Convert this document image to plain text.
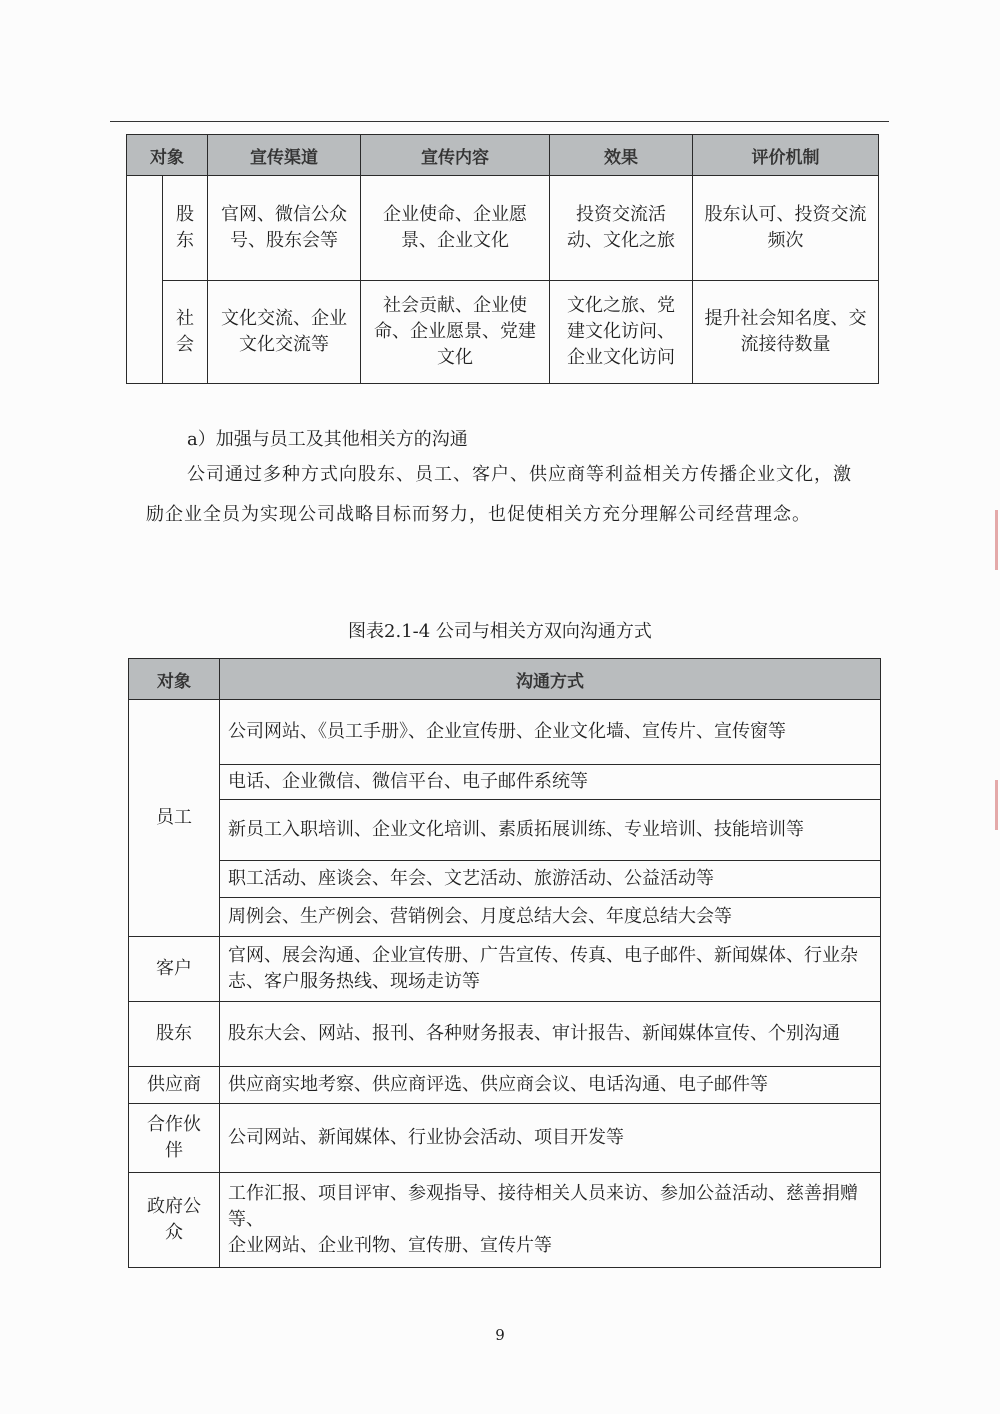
对象		宣传渠道	宣传内容	效果	评价机制
	股东	官网、微信公众号、股东会等	企业使命、企业愿景、企业文化	投资交流活动、文化之旅	股东认可、投资交流频次
	社会	文化交流、企业文化交流等	社会贡献、企业使命、企业愿景、党建文化	文化之旅、党建文化访问、企业文化访问	提升社会知名度、交流接待数量
a）加强与员工及其他相关方的沟通
公司通过多种方式向股东、员工、客户、供应商等利益相关方传播企业文化，激励企业全员为实现公司战略目标而努力，也促使相关方充分理解公司经营理念。
图表2.1-4 公司与相关方双向沟通方式
对象	沟通方式
员工	公司网站、《员工手册》、企业宣传册、企业文化墙、宣传片、宣传窗等
	电话、企业微信、微信平台、电子邮件系统等
	新员工入职培训、企业文化培训、素质拓展训练、专业培训、技能培训等
	职工活动、座谈会、年会、文艺活动、旅游活动、公益活动等
	周例会、生产例会、营销例会、月度总结大会、年度总结大会等
客户	官网、展会沟通、企业宣传册、广告宣传、传真、电子邮件、新闻媒体、行业杂志、客户服务热线、现场走访等
股东	股东大会、网站、报刊、各种财务报表、审计报告、新闻媒体宣传、个别沟通
供应商	供应商实地考察、供应商评选、供应商会议、电话沟通、电子邮件等
合作伙伴	公司网站、新闻媒体、行业协会活动、项目开发等
政府公众	工作汇报、项目评审、参观指导、接待相关人员来访、参加公益活动、慈善捐赠等、
企业网站、企业刊物、宣传册、宣传片等
9
